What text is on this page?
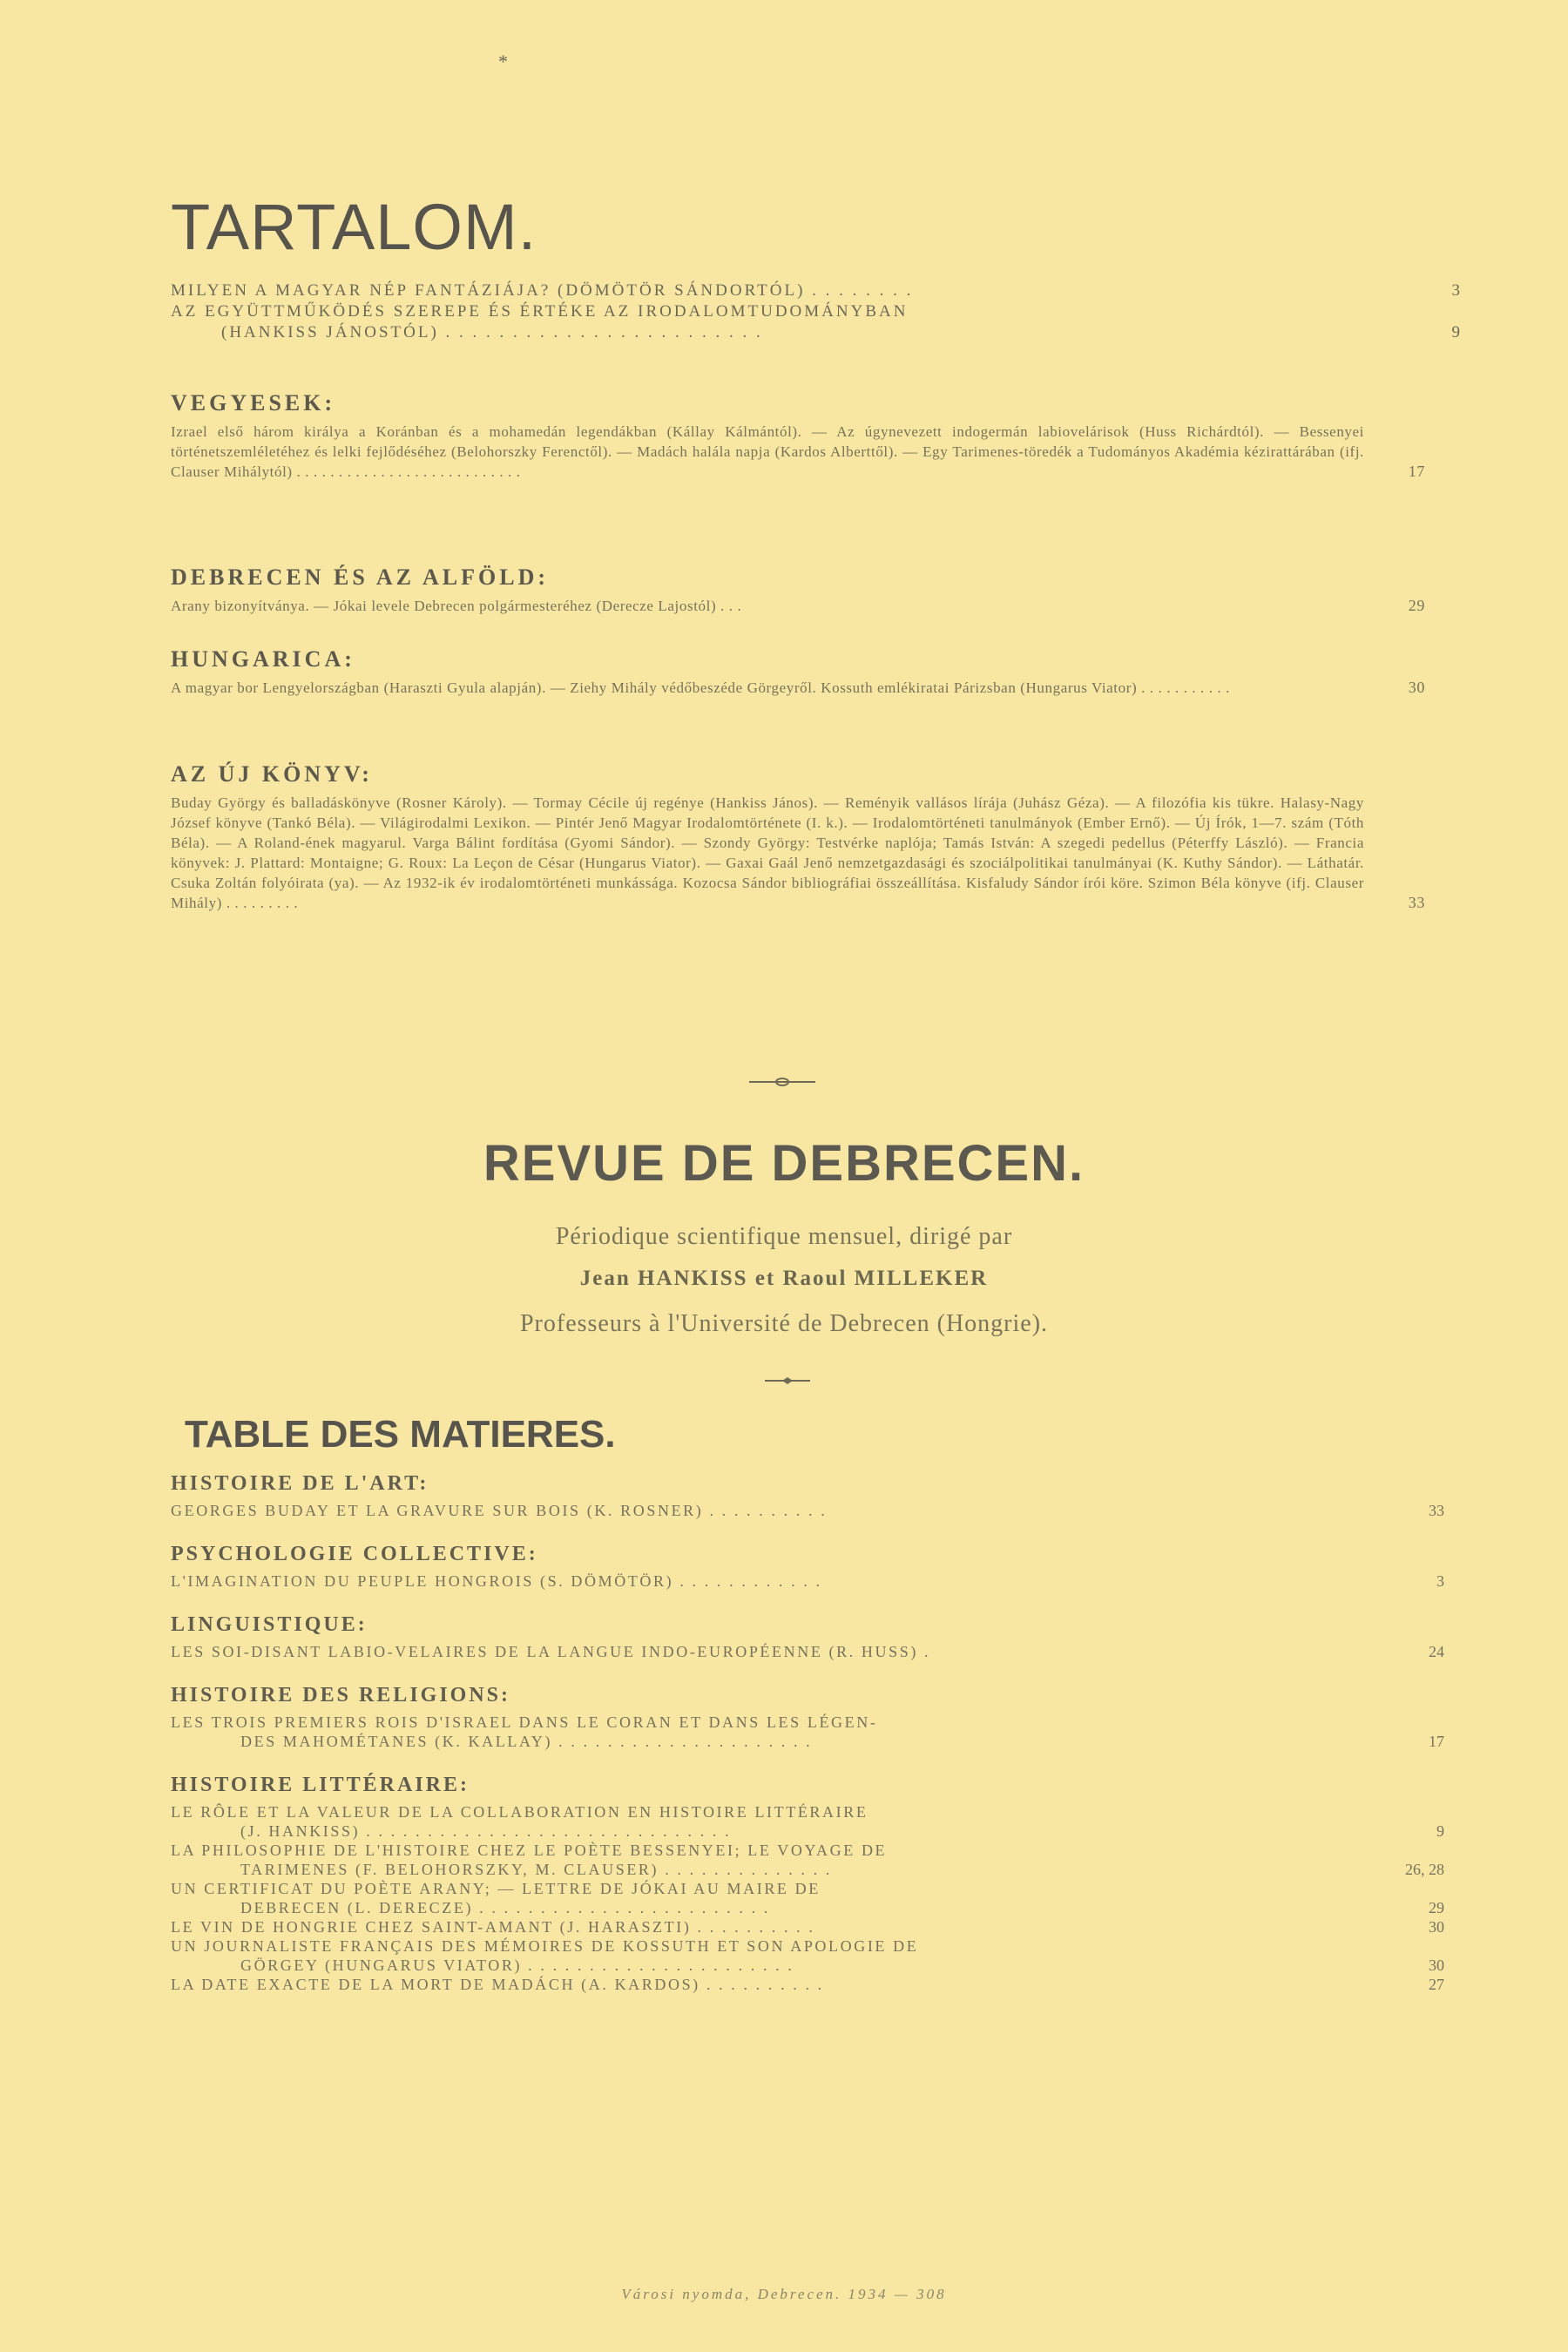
*
TARTALOM.
MILYEN A MAGYAR NÉP FANTÁZIÁJA? (DÖMÖTÖR SÁNDORTÓL) . . . . . . . .	3
AZ EGYÜTTMŰKÖDÉS SZEREPE ÉS ÉRTÉKE AZ IRODALOMTUDOMÁNYBAN
(HANKISS JÁNOSTÓL) . . . . . . . . . . . . . . . . . . . . . . . .	9
VEGYESEK:
Izrael első három királya a Koránban és a mohamedán legendákban (Kállay Kálmántól). — Az úgynevezett indogermán labiovelárisok (Huss Richárdtól). — Bessenyei történetszemléletéhez és lelki fejlődéséhez (Belohorszky Ferenctől). — Madách halála napja (Kardos Alberttől). — Egy Tarimenes-töredék a Tudományos Akadémia kézirattárában (ifj. Clauser Mihálytól) . . . . . . . . . . . . . . . . . . . . . . . . . . .	17
DEBRECEN ÉS AZ ALFÖLD:
Arany bizonyítványa. — Jókai levele Debrecen polgármesteréhez (Derecze Lajostól) . . .	29
HUNGARICA:
A magyar bor Lengyelországban (Haraszti Gyula alapján). — Ziehy Mihály védőbeszéde Görgeyről. Kossuth emlékiratai Párizsban (Hungarus Viator) . . . . . . . . . . .	30
AZ ÚJ KÖNYV:
Buday György és balladáskönyve (Rosner Károly). — Tormay Cécile új regénye (Hankiss János). — Reményik vallásos lírája (Juhász Géza). — A filozófia kis tükre. Halasy-Nagy József könyve (Tankó Béla). — Világirodalmi Lexikon. — Pintér Jenő Magyar Irodalomtörténete (I. k.). — Irodalomtörténeti tanulmányok (Ember Ernő). — Új Írók, 1—7. szám (Tóth Béla). — A Roland-ének magyarul. Varga Bálint fordítása (Gyomi Sándor). — Szondy György: Testvérke naplója; Tamás István: A szegedi pedellus (Péterffy László). — Francia könyvek: J. Plattard: Montaigne; G. Roux: La Leçon de César (Hungarus Viator). — Gaxai Gaál Jenő nemzetgazdasági és szociálpolitikai tanulmányai (K. Kuthy Sándor). — Láthatár. Csuka Zoltán folyóirata (ya). — Az 1932-ik év irodalomtörténeti munkássága. Kozocsa Sándor bibliográfiai összeállítása. Kisfaludy Sándor írói köre. Szimon Béla könyve (ifj. Clauser Mihály) . . . . . . . . .	33
REVUE DE DEBRECEN.
Périodique scientifique mensuel, dirigé par
Jean HANKISS et Raoul MILLEKER
Professeurs à l'Université de Debrecen (Hongrie).
TABLE DES MATIERES.
HISTOIRE DE L'ART:
GEORGES BUDAY ET LA GRAVURE SUR BOIS (K. ROSNER) . . . . . . . . . .	33
PSYCHOLOGIE COLLECTIVE:
L'IMAGINATION DU PEUPLE HONGROIS (S. DÖMÖTÖR) . . . . . . . . . . . .	3
LINGUISTIQUE:
LES SOI-DISANT LABIO-VELAIRES DE LA LANGUE INDO-EUROPÉENNE (R. HUSS) .	24
HISTOIRE DES RELIGIONS:
LES TROIS PREMIERS ROIS D'ISRAEL DANS LE CORAN ET DANS LES LÉGEN-
DES MAHOMÉTANES (K. KALLAY) . . . . . . . . . . . . . . . . . . . . .	17
HISTOIRE LITTÉRAIRE:
LE RÔLE ET LA VALEUR DE LA COLLABORATION EN HISTOIRE LITTÉRAIRE
(J. HANKISS) . . . . . . . . . . . . . . . . . . . . . . . . . . . . . .	9
LA PHILOSOPHIE DE L'HISTOIRE CHEZ LE POÈTE BESSENYEI; LE VOYAGE DE
TARIMENES (F. BELOHORSZKY, M. CLAUSER) . . . . . . . . . . . . . .	26, 28
UN CERTIFICAT DU POÈTE ARANY; — LETTRE DE JÓKAI AU MAIRE DE
DEBRECEN (L. DERECZE) . . . . . . . . . . . . . . . . . . . . . . . .	29
LE VIN DE HONGRIE CHEZ SAINT-AMANT (J. HARASZTI) . . . . . . . . . .	30
UN JOURNALISTE FRANÇAIS DES MÉMOIRES DE KOSSUTH ET SON APOLOGIE DE
GÖRGEY (HUNGARUS VIATOR) . . . . . . . . . . . . . . . . . . . . . .	30
LA DATE EXACTE DE LA MORT DE MADÁCH (A. KARDOS) . . . . . . . . . .	27
Városi nyomda, Debrecen. 1934 — 308
